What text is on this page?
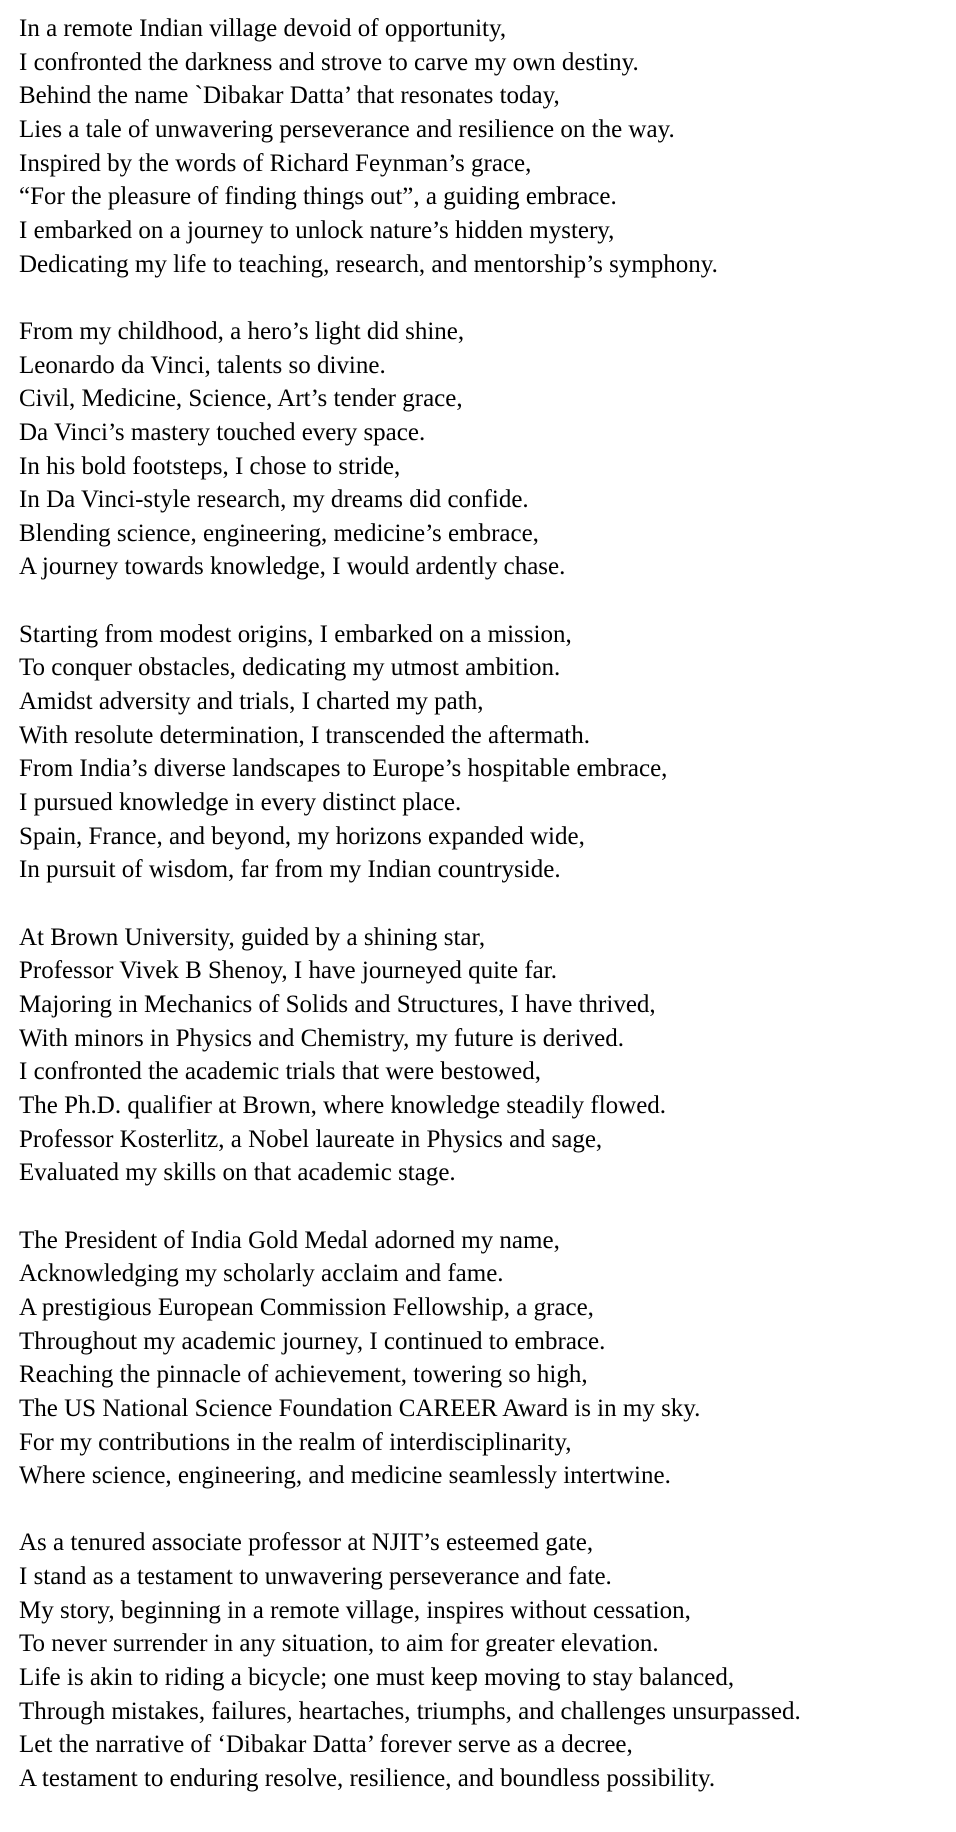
In a remote Indian village devoid of opportunity,
I confronted the darkness and strove to carve my own destiny.
Behind the name `Dibakar Datta’ that resonates today,
Lies a tale of unwavering perseverance and resilience on the way.
Inspired by the words of Richard Feynman’s grace,
“For the pleasure of finding things out”, a guiding embrace.
I embarked on a journey to unlock nature’s hidden mystery,
Dedicating my life to teaching, research, and mentorship’s symphony.
From my childhood, a hero’s light did shine,
Leonardo da Vinci, talents so divine.
Civil, Medicine, Science, Art’s tender grace,
Da Vinci’s mastery touched every space.
In his bold footsteps, I chose to stride,
In Da Vinci-style research, my dreams did confide.
Blending science, engineering, medicine’s embrace,
A journey towards knowledge, I would ardently chase.
Starting from modest origins, I embarked on a mission,
To conquer obstacles, dedicating my utmost ambition.
Amidst adversity and trials, I charted my path,
With resolute determination, I transcended the aftermath.
From India’s diverse landscapes to Europe’s hospitable embrace,
I pursued knowledge in every distinct place.
Spain, France, and beyond, my horizons expanded wide,
In pursuit of wisdom, far from my Indian countryside.
At Brown University, guided by a shining star,
Professor Vivek B Shenoy, I have journeyed quite far.
Majoring in Mechanics of Solids and Structures, I have thrived,
With minors in Physics and Chemistry, my future is derived.
I confronted the academic trials that were bestowed,
The Ph.D. qualifier at Brown, where knowledge steadily flowed.
Professor Kosterlitz, a Nobel laureate in Physics and sage,
Evaluated my skills on that academic stage.
The President of India Gold Medal adorned my name,
Acknowledging my scholarly acclaim and fame.
A prestigious European Commission Fellowship, a grace,
Throughout my academic journey, I continued to embrace.
Reaching the pinnacle of achievement, towering so high,
The US National Science Foundation CAREER Award is in my sky.
For my contributions in the realm of interdisciplinarity,
Where science, engineering, and medicine seamlessly intertwine.
As a tenured associate professor at NJIT’s esteemed gate,
I stand as a testament to unwavering perseverance and fate.
My story, beginning in a remote village, inspires without cessation,
To never surrender in any situation, to aim for greater elevation.
Life is akin to riding a bicycle; one must keep moving to stay balanced,
Through mistakes, failures, heartaches, triumphs, and challenges unsurpassed.
Let the narrative of ‘Dibakar Datta’ forever serve as a decree,
A testament to enduring resolve, resilience, and boundless possibility.
